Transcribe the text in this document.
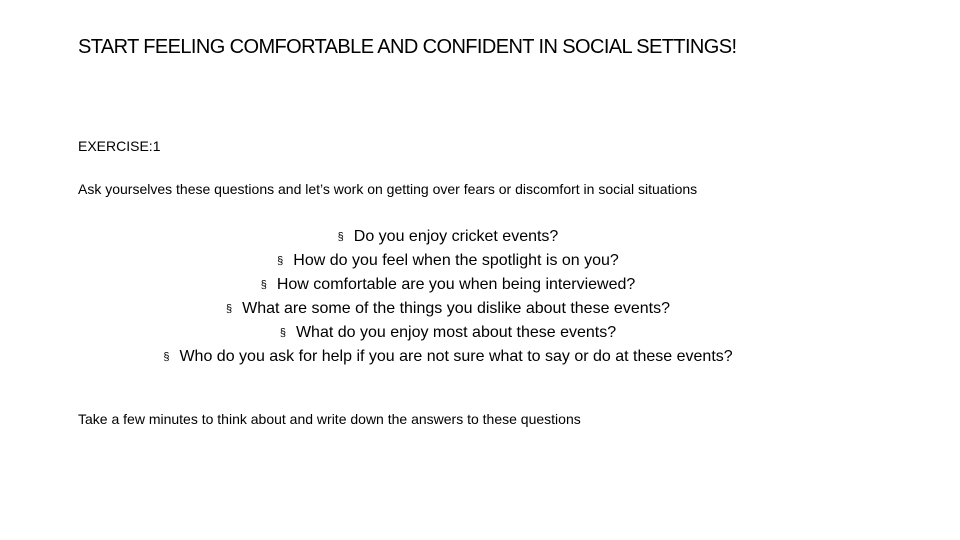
START FEELING COMFORTABLE AND CONFIDENT IN SOCIAL SETTINGS!
EXERCISE:1
Ask yourselves these questions and let’s work on getting over fears or discomfort in social situations
§ Do you enjoy cricket events?
§ How do you feel when the spotlight is on you?
§ How comfortable are you when being interviewed?
§ What are some of the things you dislike about these events?
§ What do you enjoy most about these events?
§ Who do you ask for help if you are not sure what to say or do at these events?
Take a few minutes to think about and write down the answers to these questions
